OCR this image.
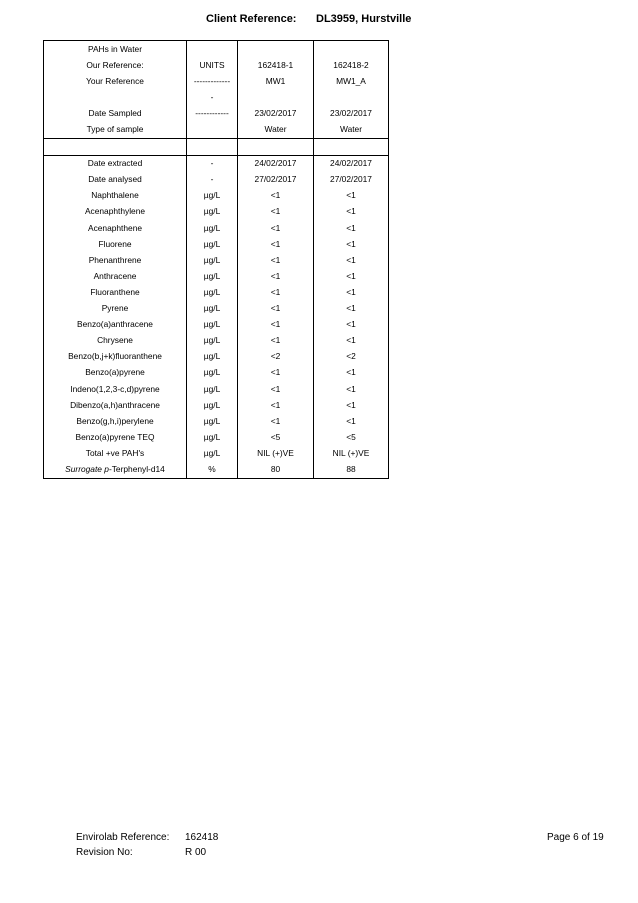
Client Reference: DL3959, Hurstville
PAHs in Water			
Our Reference:	UNITS	162418-1	162418-2
Your Reference	-------------	MW1	MW1_A
	-		
Date Sampled	------------	23/02/2017	23/02/2017
Type of sample		Water	Water

Date extracted	-	24/02/2017	24/02/2017
Date analysed	-	27/02/2017	27/02/2017
Naphthalene	µg/L	<1	<1
Acenaphthylene	µg/L	<1	<1
Acenaphthene	µg/L	<1	<1
Fluorene	µg/L	<1	<1
Phenanthrene	µg/L	<1	<1
Anthracene	µg/L	<1	<1
Fluoranthene	µg/L	<1	<1
Pyrene	µg/L	<1	<1
Benzo(a)anthracene	µg/L	<1	<1
Chrysene	µg/L	<1	<1
Benzo(b,j+k)fluoranthene	µg/L	<2	<2
Benzo(a)pyrene	µg/L	<1	<1
Indeno(1,2,3-c,d)pyrene	µg/L	<1	<1
Dibenzo(a,h)anthracene	µg/L	<1	<1
Benzo(g,h,i)perylene	µg/L	<1	<1
Benzo(a)pyrene TEQ	µg/L	<5	<5
Total +ve PAH's	µg/L	NIL (+)VE	NIL (+)VE
Surrogate p-Terphenyl-d14	%	80	88
Envirolab Reference: 162418
Revision No:	R 00
Page 6 of 19
